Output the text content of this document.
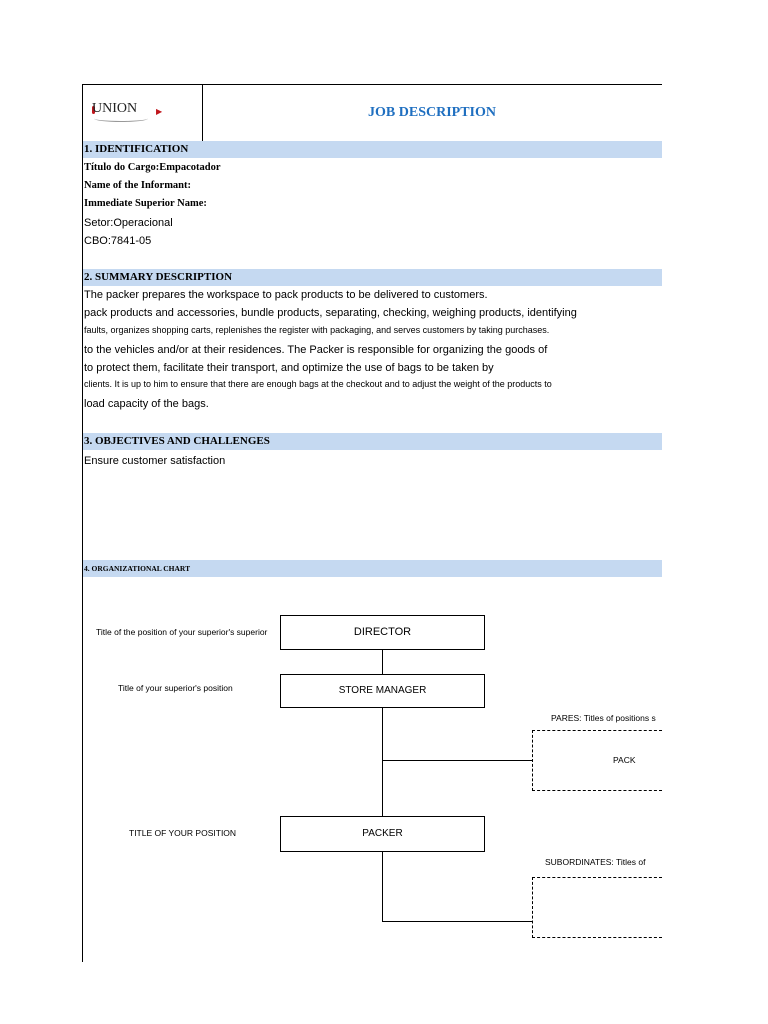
UNION ▶	JOB DESCRIPTION
1. IDENTIFICATION
Título do Cargo:Empacotador
Name of the Informant:
Immediate Superior Name:
Setor:Operacional
CBO:7841-05
2. SUMMARY DESCRIPTION
The packer prepares the workspace to pack products to be delivered to customers.
pack products and accessories, bundle products, separating, checking, weighing products, identifying
faults, organizes shopping carts, replenishes the register with packaging, and serves customers by taking purchases.
to the vehicles and/or at their residences. The Packer is responsible for organizing the goods of
to protect them, facilitate their transport, and optimize the use of bags to be taken by
clients. It is up to him to ensure that there are enough bags at the checkout and to adjust the weight of the products to
load capacity of the bags.
3. OBJECTIVES AND CHALLENGES
Ensure customer satisfaction
4. ORGANIZATIONAL CHART
Title of the position of your superior's superior
Title of your superior's position
TITLE OF YOUR POSITION
DIRECTOR
STORE MANAGER
PACKER
PARES: Titles of positions s
PACK
SUBORDINATES: Titles of
